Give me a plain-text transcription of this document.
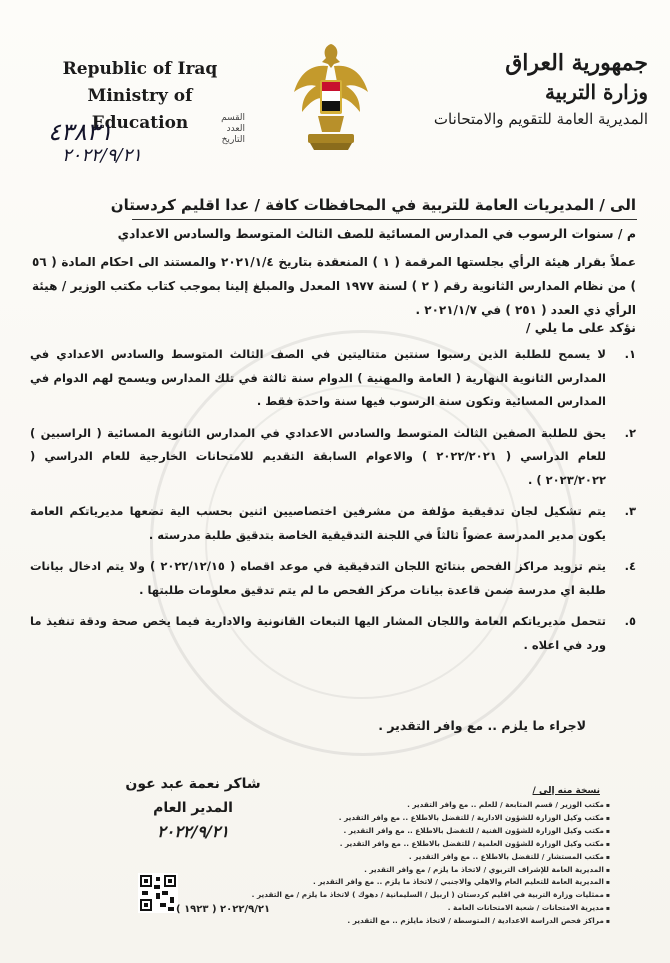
Republic of Iraq
Ministry of Education
جمهورية العراق
وزارة التربية
المديرية العامة للتقويم والامتحانات
القسم
العدد
التاريخ
٤٣٨٣١
٢٠٢٢/٩/٢١
الى / المديريات العامة للتربية في المحافظات كافة / عدا اقليم كردستان
م / سنوات الرسوب في المدارس المسائية للصف الثالث المتوسط والسادس الاعدادي
عملاً بقرار هيئة الرأي بجلستها المرقمة ( ١ ) المنعقدة بتاريخ ٢٠٢١/١/٤ والمستند الى احكام المادة ( ٥٦ ) من نظام المدارس الثانوية رقم ( ٢ ) لسنة ١٩٧٧ المعدل والمبلغ إلينا بموجب كتاب مكتب الوزير / هيئة الرأي ذي العدد ( ٢٥١ ) في ٢٠٢١/١/٧ .
نؤكد على ما يلي /
١.
لا يسمح للطلبة الذين رسبوا سنتين متتاليتين في الصف الثالث المتوسط والسادس الاعدادي في المدارس الثانوية النهارية ( العامة والمهنية ) الدوام سنة ثالثة في تلك المدارس ويسمح لهم الدوام في المدارس المسائية وتكون سنة الرسوب فيها سنة واحدة فقط .
٢.
يحق للطلبة الصفين الثالث المتوسط والسادس الاعدادي في المدارس الثانوية المسائية ( الراسبين ) للعام الدراسي ( ٢٠٢٢/٢٠٢١ ) والاعوام السابقة التقديم للامتحانات الخارجية للعام الدراسي ( ٢٠٢٣/٢٠٢٢ ) .
٣.
يتم تشكيل لجان تدقيقية مؤلفة من مشرفين اختصاصيين اثنين بحسب الية تضعها مديرياتكم العامة يكون مدير المدرسة عضواً ثالثاً في اللجنة التدقيقية الخاصة بتدقيق طلبة مدرسته .
٤.
يتم تزويد مراكز الفحص بنتائج اللجان التدقيقية في موعد اقصاه ( ٢٠٢٢/١٢/١٥ ) ولا يتم ادخال بيانات طلبة اي مدرسة ضمن قاعدة بيانات مركز الفحص ما لم يتم تدقيق معلومات طلبتها .
٥.
تتحمل مديرياتكم العامة واللجان المشار اليها التبعات القانونية والادارية فيما يخص صحة ودقة تنفيذ ما ورد في اعلاه .
لاجراء ما يلزم .. مع وافر التقدير .
شاكر نعمة عبد عون
المدير العام
٢٠٢٢/٩/٢١
نسخة منه إلى /
▪ مكتب الوزير / قسم المتابعة / للعلم .. مع وافر التقدير .
▪ مكتب وكيل الوزارة للشؤون الادارية / للتفضل بالاطلاع .. مع وافر التقدير .
▪ مكتب وكيل الوزارة للشؤون الفنية / للتفضل بالاطلاع .. مع وافر التقدير .
▪ مكتب وكيل الوزارة للشؤون العلمية / للتفضل بالاطلاع .. مع وافر التقدير .
▪ مكتب المستشار / للتفضل بالاطلاع .. مع وافر التقدير .
▪ المديرية العامة للإشراف التربوي / لاتخاذ ما يلزم / مع وافر التقدير .
▪ المديرية العامة للتعليم العام والاهلي والاجنبي / لاتخاذ ما يلزم .. مع وافر التقدير .
▪ ممثليات وزارة التربية في اقليم كردستان ( اربيل / السليمانية / دهوك ) لاتخاذ ما يلزم / مع التقدير .
▪ مديرية الامتحانات / شعبة الامتحانات العامة .
▪ مراكز فحص الدراسة الاعدادية / المتوسطة / لاتخاذ مايلزم .. مع التقدير .
( ١٩٢٣ ) ٢٠٢٢/٩/٢١
